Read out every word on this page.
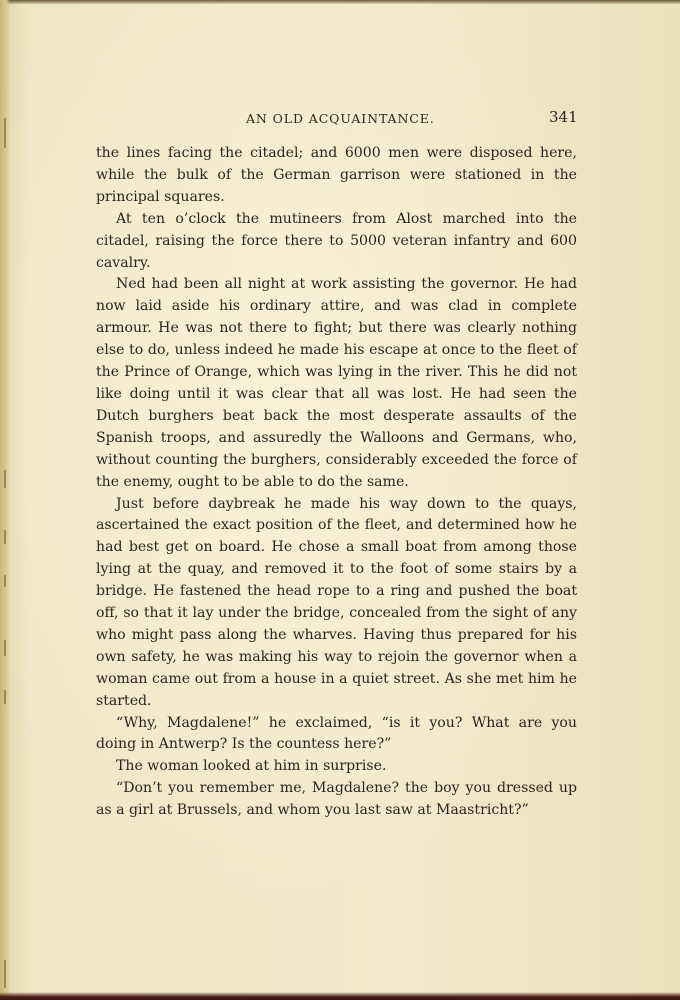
AN OLD ACQUAINTANCE.	341

the lines facing the citadel; and 6000 men were disposed here, while the bulk of the German garrison were stationed in the principal squares.

At ten o’clock the mutineers from Alost marched into the citadel, raising the force there to 5000 veteran infantry and 600 cavalry.

Ned had been all night at work assisting the governor. He had now laid aside his ordinary attire, and was clad in complete armour. He was not there to fight; but there was clearly nothing else to do, unless indeed he made his escape at once to the fleet of the Prince of Orange, which was lying in the river. This he did not like doing until it was clear that all was lost. He had seen the Dutch burghers beat back the most desperate assaults of the Spanish troops, and assuredly the Walloons and Germans, who, without counting the burghers, considerably exceeded the force of the enemy, ought to be able to do the same.

Just before daybreak he made his way down to the quays, ascertained the exact position of the fleet, and determined how he had best get on board. He chose a small boat from among those lying at the quay, and removed it to the foot of some stairs by a bridge. He fastened the head rope to a ring and pushed the boat off, so that it lay under the bridge, concealed from the sight of any who might pass along the wharves. Having thus prepared for his own safety, he was making his way to rejoin the governor when a woman came out from a house in a quiet street. As she met him he started.

“Why, Magdalene!” he exclaimed, “is it you? What are you doing in Antwerp? Is the countess here?”

The woman looked at him in surprise.

“Don’t you remember me, Magdalene? the boy you dressed up as a girl at Brussels, and whom you last saw at Maastricht?”
